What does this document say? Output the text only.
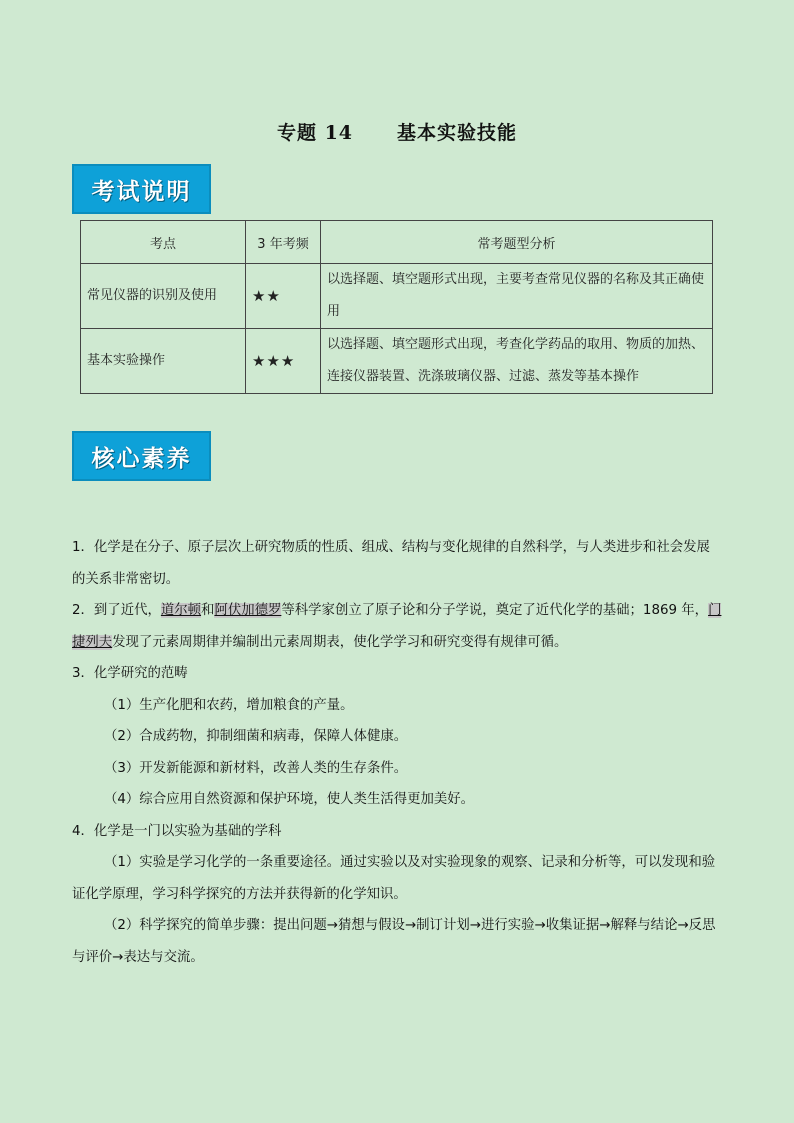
专题 14 基本实验技能
考试说明
考点	3 年考频	常考题型分析
常见仪器的识别及使用	★★	以选择题、填空题形式出现，主要考查常见仪器的名称及其正确使用
基本实验操作	★★★	以选择题、填空题形式出现，考查化学药品的取用、物质的加热、连接仪器装置、洗涤玻璃仪器、过滤、蒸发等基本操作
核心素养

1．化学是在分子、原子层次上研究物质的性质、组成、结构与变化规律的自然科学，与人类进步和社会发展的关系非常密切。

2．到了近代，道尔顿和阿伏加德罗等科学家创立了原子论和分子学说，奠定了近代化学的基础；1869 年，门捷列夫发现了元素周期律并编制出元素周期表，使化学学习和研究变得有规律可循。

3．化学研究的范畴

（1）生产化肥和农药，增加粮食的产量。

（2）合成药物，抑制细菌和病毒，保障人体健康。

（3）开发新能源和新材料，改善人类的生存条件。

（4）综合应用自然资源和保护环境，使人类生活得更加美好。

4．化学是一门以实验为基础的学科

（1）实验是学习化学的一条重要途径。通过实验以及对实验现象的观察、记录和分析等，可以发现和验证化学原理，学习科学探究的方法并获得新的化学知识。

（2）科学探究的简单步骤：提出问题→猜想与假设→制订计划→进行实验→收集证据→解释与结论→反思与评价→表达与交流。
